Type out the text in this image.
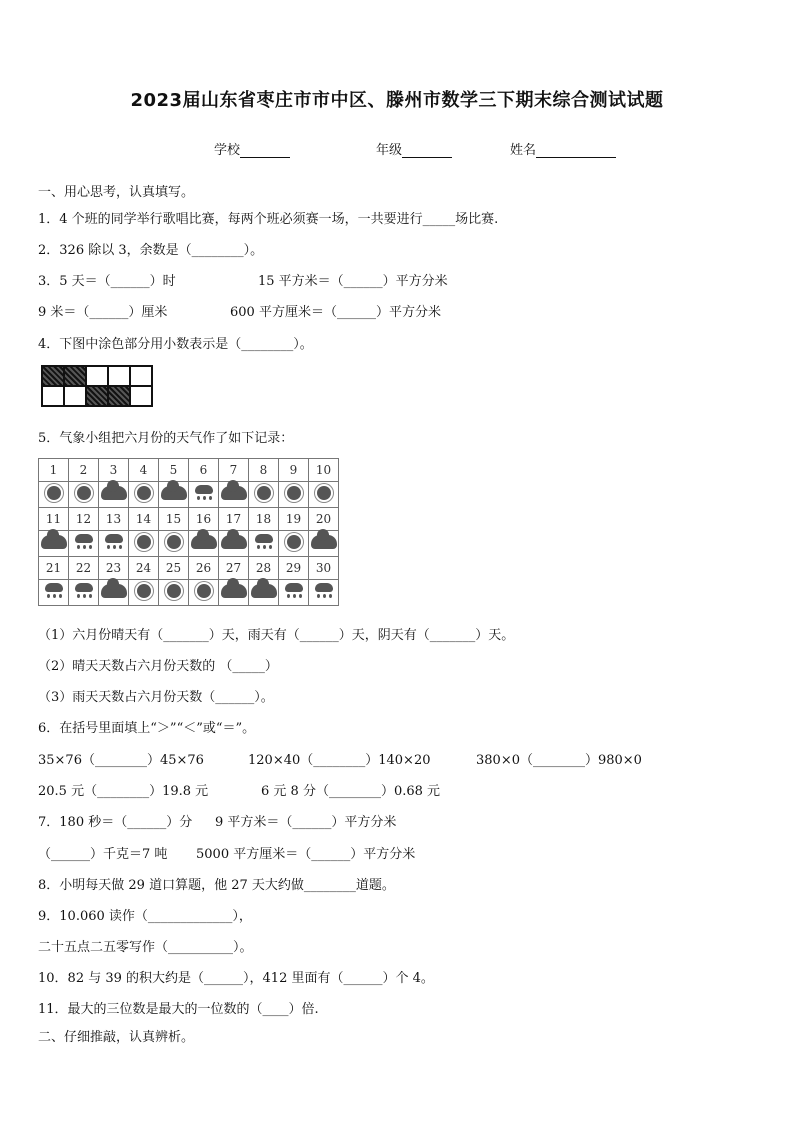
2023届山东省枣庄市市中区、滕州市数学三下期末综合测试试题
学校	年级	姓名
一、用心思考，认真填写。
1．4 个班的同学举行歌唱比赛，每两个班必须赛一场，一共要进行_____场比赛.
2．326 除以 3，余数是（________）。
3．5 天＝（______）时	15 平方米＝（______）平方分米
9 米＝（______）厘米	600 平方厘米＝（______）平方分米
4．下图中涂色部分用小数表示是（________）。

5．气象小组把六月份的天气作了如下记录：
1	2	3	4	5	6	7	8	9	10

11	12	13	14	15	16	17	18	19	20

21	22	23	24	25	26	27	28	29	30

（1）六月份晴天有（_______）天，雨天有（______）天，阴天有（_______）天。
（2）晴天天数占六月份天数的 （_____）
（3）雨天天数占六月份天数（______）。
6．在括号里面填上“＞”“＜”或“＝”。
35×76（________）45×76	120×40（________）140×20	380×0（________）980×0
20.5 元（________）19.8 元	6 元 8 分（________）0.68 元
7．180 秒＝（______）分 9 平方米＝（______）平方分米
（______）千克＝7 吨 5000 平方厘米＝（______）平方分米
8．小明每天做 29 道口算题，他 27 天大约做________道题。
9．10.060 读作（_____________），
二十五点二五零写作（__________）。
10．82 与 39 的积大约是（______），412 里面有（______）个 4。
11．最大的三位数是最大的一位数的（____）倍.
二、仔细推敲，认真辨析。
